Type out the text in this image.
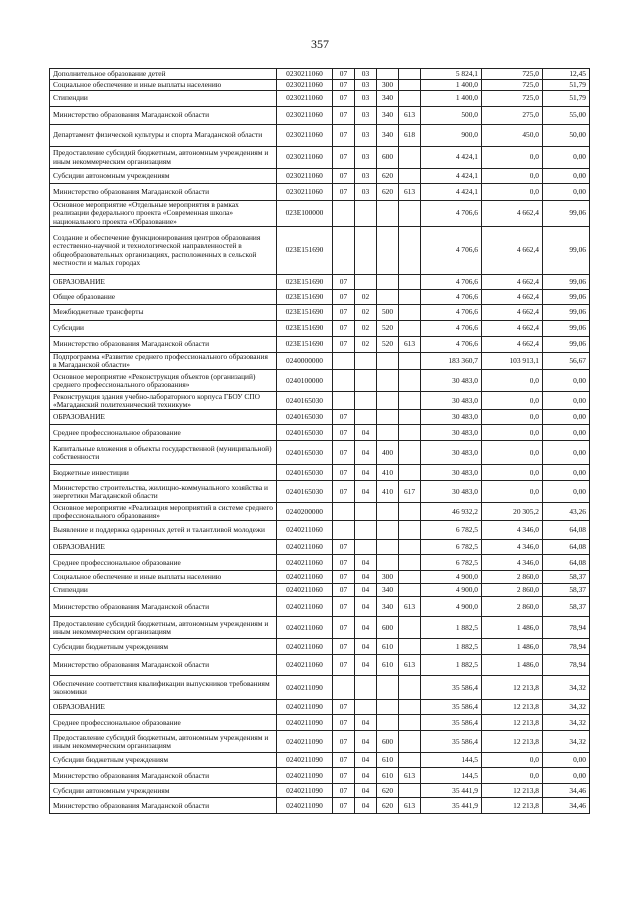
357
Дополнительное образование детей	0230211060	07	03			5 824,1	725,0	12,45
Социальное обеспечение и иные выплаты населению	0230211060	07	03	300		1 400,0	725,0	51,79
Стипендии	0230211060	07	03	340		1 400,0	725,0	51,79
Министерство образования Магаданской области	0230211060	07	03	340	613	500,0	275,0	55,00
Департамент физической культуры и спорта Магаданской области	0230211060	07	03	340	618	900,0	450,0	50,00
Предоставление субсидий бюджетным, автономным учреждениям и иным некоммерческим организациям	0230211060	07	03	600		4 424,1	0,0	0,00
Субсидии автономным учреждениям	0230211060	07	03	620		4 424,1	0,0	0,00
Министерство образования Магаданской области	0230211060	07	03	620	613	4 424,1	0,0	0,00
Основное мероприятие «Отдельные мероприятия в рамках реализации федерального проекта «Современная школа» национального проекта «Образование»	023E100000					4 706,6	4 662,4	99,06
Создание и обеспечение функционирования центров образования естественно-научной и технологической направленностей в общеобразовательных организациях, расположенных в сельской местности и малых городах	023E151690					4 706,6	4 662,4	99,06
ОБРАЗОВАНИЕ	023E151690	07				4 706,6	4 662,4	99,06
Общее образование	023E151690	07	02			4 706,6	4 662,4	99,06
Межбюджетные трансферты	023E151690	07	02	500		4 706,6	4 662,4	99,06
Субсидии	023E151690	07	02	520		4 706,6	4 662,4	99,06
Министерство образования Магаданской области	023E151690	07	02	520	613	4 706,6	4 662,4	99,06
Подпрограмма «Развитие среднего профессионального образования в Магаданской области»	0240000000					183 360,7	103 913,1	56,67
Основное мероприятие «Реконструкция объектов (организаций) среднего профессионального образования»	0240100000					30 483,0	0,0	0,00
Реконструкция здания учебно-лабораторного корпуса ГБОУ СПО «Магаданский политехнический техникум»	0240165030					30 483,0	0,0	0,00
ОБРАЗОВАНИЕ	0240165030	07				30 483,0	0,0	0,00
Среднее профессиональное образование	0240165030	07	04			30 483,0	0,0	0,00
Капитальные вложения в объекты государственной (муниципальной) собственности	0240165030	07	04	400		30 483,0	0,0	0,00
Бюджетные инвестиции	0240165030	07	04	410		30 483,0	0,0	0,00
Министерство строительства, жилищно-коммунального хозяйства и энергетики Магаданской области	0240165030	07	04	410	617	30 483,0	0,0	0,00
Основное мероприятие «Реализация мероприятий в системе среднего профессионального образования»	0240200000					46 932,2	20 305,2	43,26
Выявление и поддержка одаренных детей и талантливой молодежи	0240211060					6 782,5	4 346,0	64,08
ОБРАЗОВАНИЕ	0240211060	07				6 782,5	4 346,0	64,08
Среднее профессиональное образование	0240211060	07	04			6 782,5	4 346,0	64,08
Социальное обеспечение и иные выплаты населению	0240211060	07	04	300		4 900,0	2 860,0	58,37
Стипендии	0240211060	07	04	340		4 900,0	2 860,0	58,37
Министерство образования Магаданской области	0240211060	07	04	340	613	4 900,0	2 860,0	58,37
Предоставление субсидий бюджетным, автономным учреждениям и иным некоммерческим организациям	0240211060	07	04	600		1 882,5	1 486,0	78,94
Субсидии бюджетным учреждениям	0240211060	07	04	610		1 882,5	1 486,0	78,94
Министерство образования Магаданской области	0240211060	07	04	610	613	1 882,5	1 486,0	78,94
Обеспечение соответствия квалификации выпускников требованиям экономики	0240211090					35 586,4	12 213,8	34,32
ОБРАЗОВАНИЕ	0240211090	07				35 586,4	12 213,8	34,32
Среднее профессиональное образование	0240211090	07	04			35 586,4	12 213,8	34,32
Предоставление субсидий бюджетным, автономным учреждениям и иным некоммерческим организациям	0240211090	07	04	600		35 586,4	12 213,8	34,32
Субсидии бюджетным учреждениям	0240211090	07	04	610		144,5	0,0	0,00
Министерство образования Магаданской области	0240211090	07	04	610	613	144,5	0,0	0,00
Субсидии автономным учреждениям	0240211090	07	04	620		35 441,9	12 213,8	34,46
Министерство образования Магаданской области	0240211090	07	04	620	613	35 441,9	12 213,8	34,46
